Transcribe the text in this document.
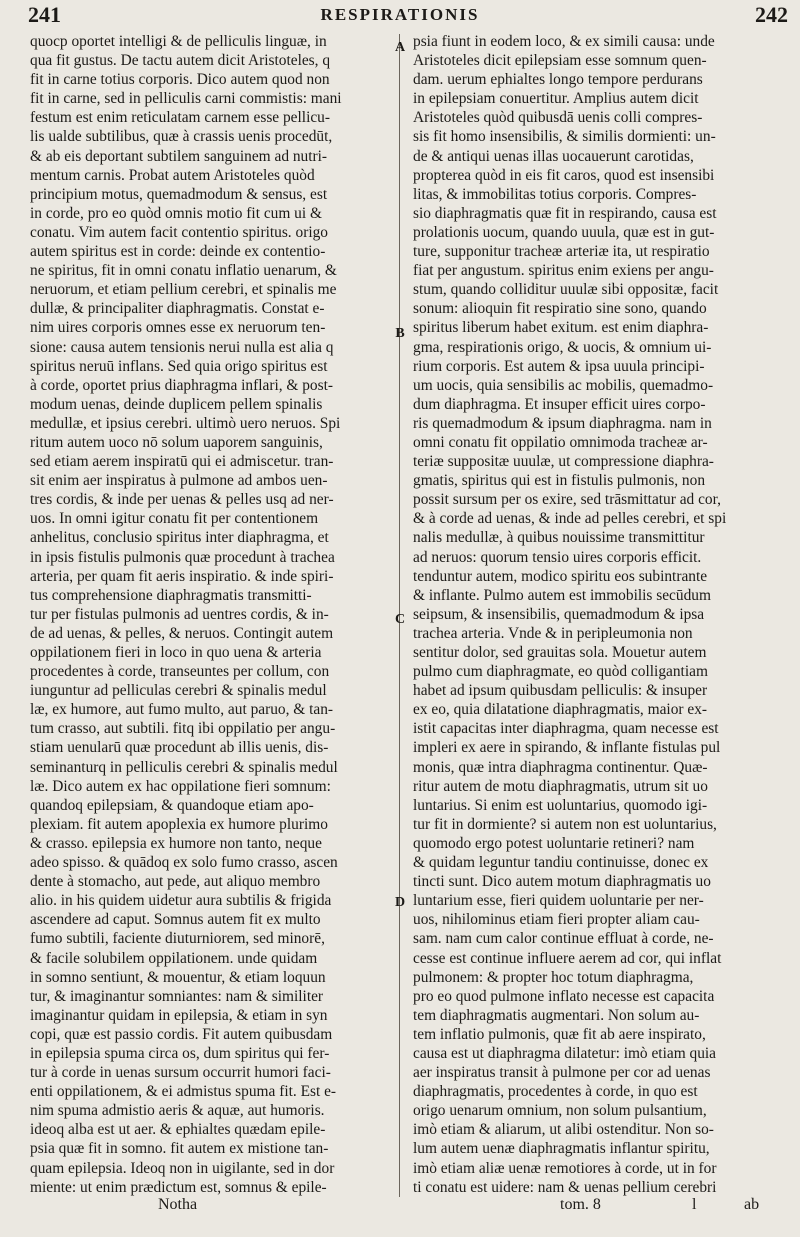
241	RESPIRATIONIS	242
quocp oportet intelligi & de pelliculis linguæ, in
qua fit gustus. De tactu autem dicit Aristoteles, q
fit in carne totius corporis. Dico autem quod non
fit in carne, sed in pelliculis carni commistis: mani
festum est enim reticulatam carnem esse pellicu-
lis ualde subtilibus, quæ à crassis uenis procedūt,
& ab eis deportant subtilem sanguinem ad nutri-
mentum carnis. Probat autem Aristoteles quòd
principium motus, quemadmodum & sensus, est
in corde, pro eo quòd omnis motio fit cum ui &
conatu. Vim autem facit contentio spiritus. origo
autem spiritus est in corde: deinde ex contentio-
ne spiritus, fit in omni conatu inflatio uenarum, &
neruorum, et etiam pellium cerebri, et spinalis me
dullæ, & principaliter diaphragmatis. Constat e-
nim uires corporis omnes esse ex neruorum ten-
sione: causa autem tensionis nerui nulla est alia q
spiritus neruū inflans. Sed quia origo spiritus est
à corde, oportet prius diaphragma inflari, & post-
modum uenas, deinde duplicem pellem spinalis
medullæ, et ipsius cerebri. ultimò uero neruos. Spi
ritum autem uoco nō solum uaporem sanguinis,
sed etiam aerem inspiratū qui ei admiscetur. tran-
sit enim aer inspiratus à pulmone ad ambos uen-
tres cordis, & inde per uenas & pelles usq ad ner-
uos. In omni igitur conatu fit per contentionem
anhelitus, conclusio spiritus inter diaphragma, et
in ipsis fistulis pulmonis quæ procedunt à trachea
arteria, per quam fit aeris inspiratio. & inde spiri-
tus comprehensione diaphragmatis transmitti-
tur per fistulas pulmonis ad uentres cordis, & in-
de ad uenas, & pelles, & neruos. Contingit autem
oppilationem fieri in loco in quo uena & arteria
procedentes à corde, transeuntes per collum, con
iunguntur ad pelliculas cerebri & spinalis medul
læ, ex humore, aut fumo multo, aut paruo, & tan-
tum crasso, aut subtili. fitq ibi oppilatio per angu-
stiam uenularū quæ procedunt ab illis uenis, dis-
seminanturq in pelliculis cerebri & spinalis medul
læ. Dico autem ex hac oppilatione fieri somnum:
quandoq epilepsiam, & quandoque etiam apo-
plexiam. fit autem apoplexia ex humore plurimo
& crasso. epilepsia ex humore non tanto, neque
adeo spisso. & quādoq ex solo fumo crasso, ascen
dente à stomacho, aut pede, aut aliquo membro
alio. in his quidem uidetur aura subtilis & frigida
ascendere ad caput. Somnus autem fit ex multo
fumo subtili, faciente diuturniorem, sed minorē,
& facile solubilem oppilationem. unde quidam
in somno sentiunt, & mouentur, & etiam loquun
tur, & imaginantur somniantes: nam & similiter
imaginantur quidam in epilepsia, & etiam in syn
copi, quæ est passio cordis. Fit autem quibusdam
in epilepsia spuma circa os, dum spiritus qui fer-
tur à corde in uenas sursum occurrit humori faci-
enti oppilationem, & ei admistus spuma fit. Est e-
nim spuma admistio aeris & aquæ, aut humoris.
ideoq alba est ut aer. & ephialtes quædam epile-
psia quæ fit in somno. fit autem ex mistione tan-
quam epilepsia. Ideoq non in uigilante, sed in dor
miente: ut enim prædictum est, somnus & epile-
A
B
C
D
psia fiunt in eodem loco, & ex simili causa: unde
Aristoteles dicit epilepsiam esse somnum quen-
dam. uerum ephialtes longo tempore perdurans
in epilepsiam conuertitur. Amplius autem dicit
Aristoteles quòd quibusdā uenis colli compres-
sis fit homo insensibilis, & similis dormienti: un-
de & antiqui uenas illas uocauerunt carotidas,
propterea quòd in eis fit caros, quod est insensibi
litas, & immobilitas totius corporis. Compres-
sio diaphragmatis quæ fit in respirando, causa est
prolationis uocum, quando uuula, quæ est in gut-
ture, supponitur tracheæ arteriæ ita, ut respiratio
fiat per angustum. spiritus enim exiens per angu-
stum, quando colliditur uuulæ sibi oppositæ, facit
sonum: alioquin fit respiratio sine sono, quando
spiritus liberum habet exitum. est enim diaphra-
gma, respirationis origo, & uocis, & omnium ui-
rium corporis. Est autem & ipsa uuula principi-
um uocis, quia sensibilis ac mobilis, quemadmo-
dum diaphragma. Et insuper efficit uires corpo-
ris quemadmodum & ipsum diaphragma. nam in
omni conatu fit oppilatio omnimoda tracheæ ar-
teriæ suppositæ uuulæ, ut compressione diaphra-
gmatis, spiritus qui est in fistulis pulmonis, non
possit sursum per os exire, sed trāsmittatur ad cor,
& à corde ad uenas, & inde ad pelles cerebri, et spi
nalis medullæ, à quibus nouissime transmittitur
ad neruos: quorum tensio uires corporis efficit.
tenduntur autem, modico spiritu eos subintrante
& inflante. Pulmo autem est immobilis secūdum
seipsum, & insensibilis, quemadmodum & ipsa
trachea arteria. Vnde & in peripleumonia non
sentitur dolor, sed grauitas sola. Mouetur autem
pulmo cum diaphragmate, eo quòd colligantiam
habet ad ipsum quibusdam pelliculis: & insuper
ex eo, quia dilatatione diaphragmatis, maior ex-
istit capacitas inter diaphragma, quam necesse est
impleri ex aere in spirando, & inflante fistulas pul
monis, quæ intra diaphragma continentur. Quæ-
ritur autem de motu diaphragmatis, utrum sit uo
luntarius. Si enim est uoluntarius, quomodo igi-
tur fit in dormiente? si autem non est uoluntarius,
quomodo ergo potest uoluntarie retineri? nam
& quidam leguntur tandiu continuisse, donec ex
tincti sunt. Dico autem motum diaphragmatis uo
luntarium esse, fieri quidem uoluntarie per ner-
uos, nihilominus etiam fieri propter aliam cau-
sam. nam cum calor continue effluat à corde, ne-
cesse est continue influere aerem ad cor, qui inflat
pulmonem: & propter hoc totum diaphragma,
pro eo quod pulmone inflato necesse est capacita
tem diaphragmatis augmentari. Non solum au-
tem inflatio pulmonis, quæ fit ab aere inspirato,
causa est ut diaphragma dilatetur: imò etiam quia
aer inspiratus transit à pulmone per cor ad uenas
diaphragmatis, procedentes à corde, in quo est
origo uenarum omnium, non solum pulsantium,
imò etiam & aliarum, ut alibi ostenditur. Non so-
lum autem uenæ diaphragmatis inflantur spiritu,
imò etiam aliæ uenæ remotiores à corde, ut in for
ti conatu est uidere: nam & uenas pellium cerebri
Notha	tom. 8	l	ab
